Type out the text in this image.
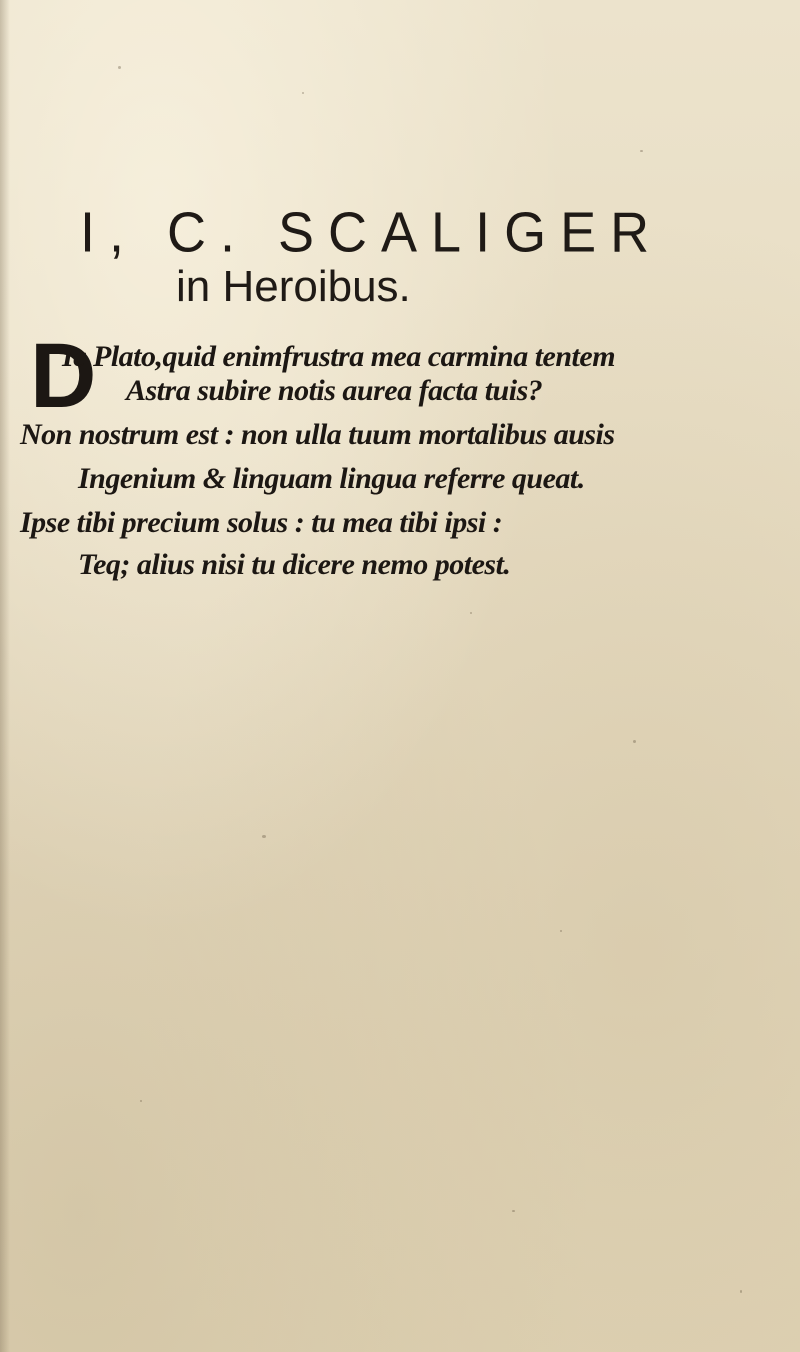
I, C. SCALIGER
in Heroibus.
D
Ic Plato,quid enimfrustra mea carmina tentem
Astra subire notis aurea facta tuis?
Non nostrum est : non ulla tuum mortalibus ausis
Ingenium & linguam lingua referre queat.
Ipse tibi precium solus : tu mea tibi ipsi :
Teq; alius nisi tu dicere nemo potest.
